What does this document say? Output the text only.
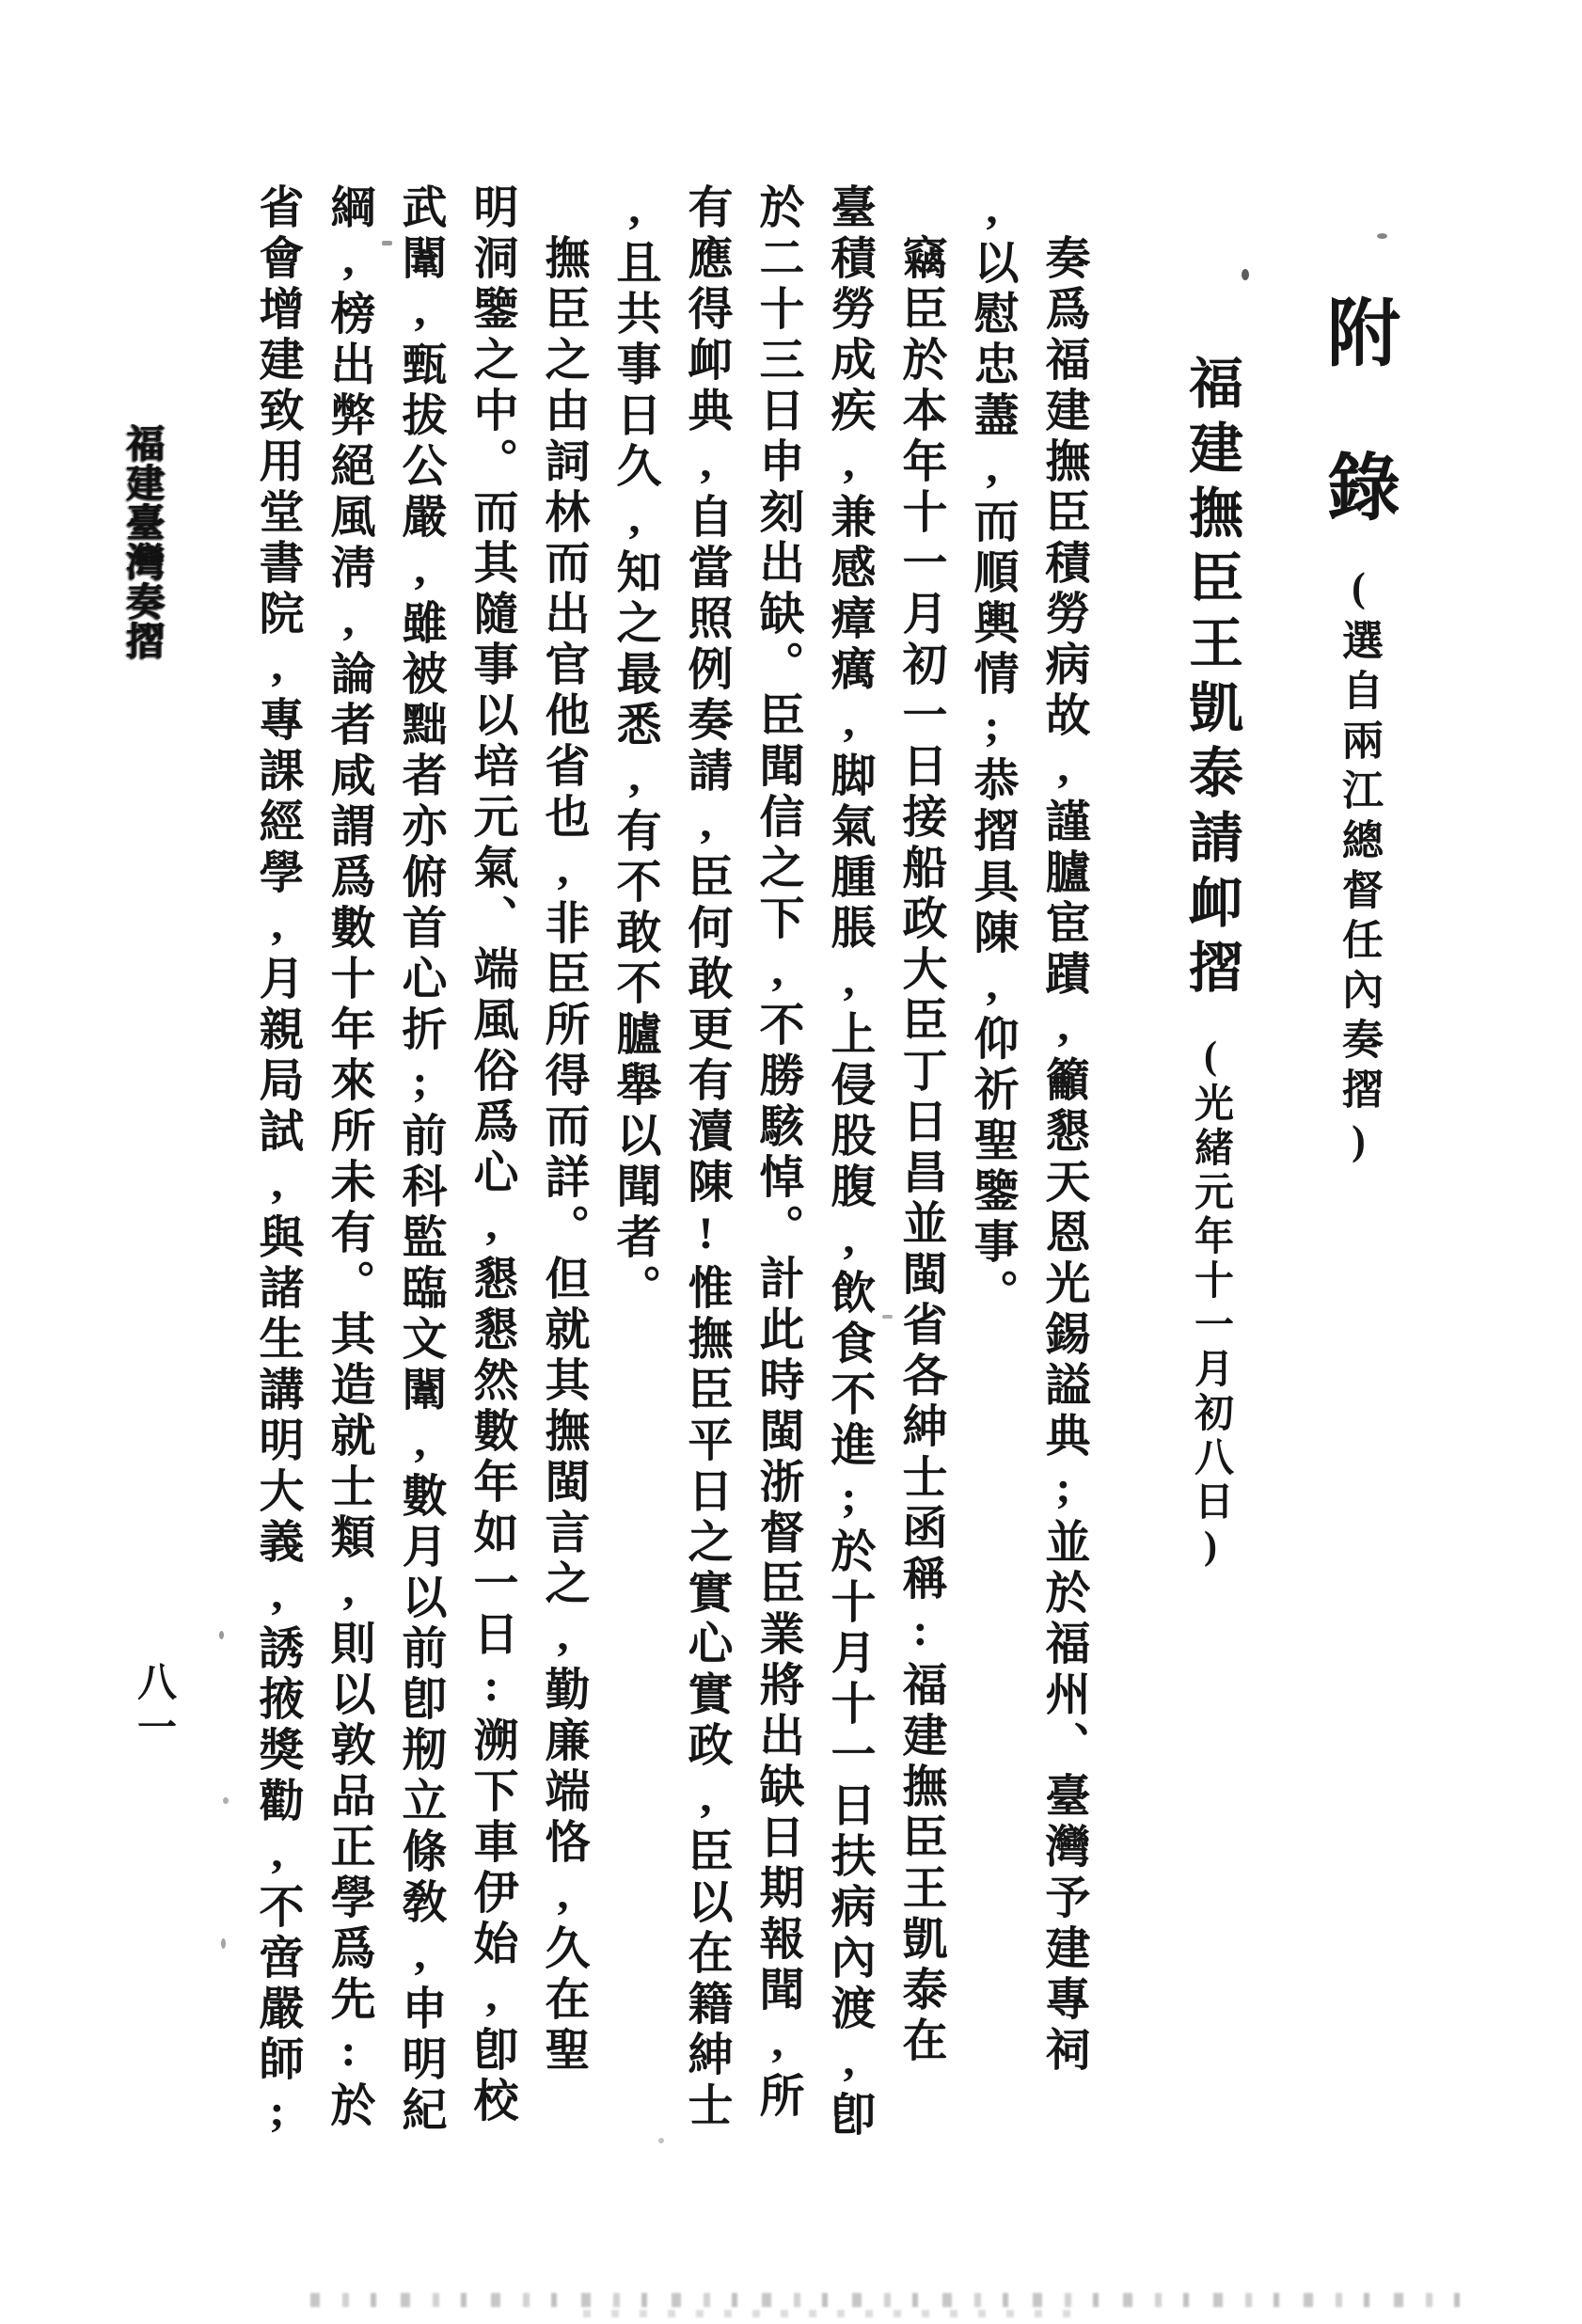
附錄
(選自兩江總督任內奏摺)
福建撫臣王凱泰請卹摺
(光緒元年十一月初八日)
奏爲福建撫臣積勞病故,謹臚宦蹟,籲懇天恩光錫謚典;並於福州、臺灣予建專祠
,以慰忠藎,而順輿情;恭摺具陳,仰祈聖鑒事。
竊臣於本年十一月初一日接船政大臣丁日昌並閩省各紳士函稱:福建撫臣王凱泰在
臺積勞成疾,兼感瘴癘,脚氣腫脹,上侵股腹,飲食不進;於十月十一日扶病內渡,卽
於二十三日申刻出缺。臣聞信之下,不勝駭悼。計此時閩浙督臣業將出缺日期報聞,所
有應得卹典,自當照例奏請,臣何敢更有瀆陳!惟撫臣平日之實心實政,臣以在籍紳士
,且共事日久,知之最悉,有不敢不臚舉以聞者。
撫臣之由詞林而出官他省也,非臣所得而詳。但就其撫閩言之,勤廉端恪,久在聖
明洞鑒之中。而其隨事以培元氣、端風俗爲心,懇懇然數年如一日:溯下車伊始,卽校
武闈,甄拔公嚴,雖被黜者亦俯首心折;前科監臨文闈,數月以前卽剏立條敎,申明紀
綱,榜出弊絕風淸,論者咸謂爲數十年來所未有。其造就士類,則以敦品正學爲先:於
省會增建致用堂書院,專課經學,月親局試,與諸生講明大義,誘掖獎勸,不啻嚴師;
福建臺灣奏摺
八一
